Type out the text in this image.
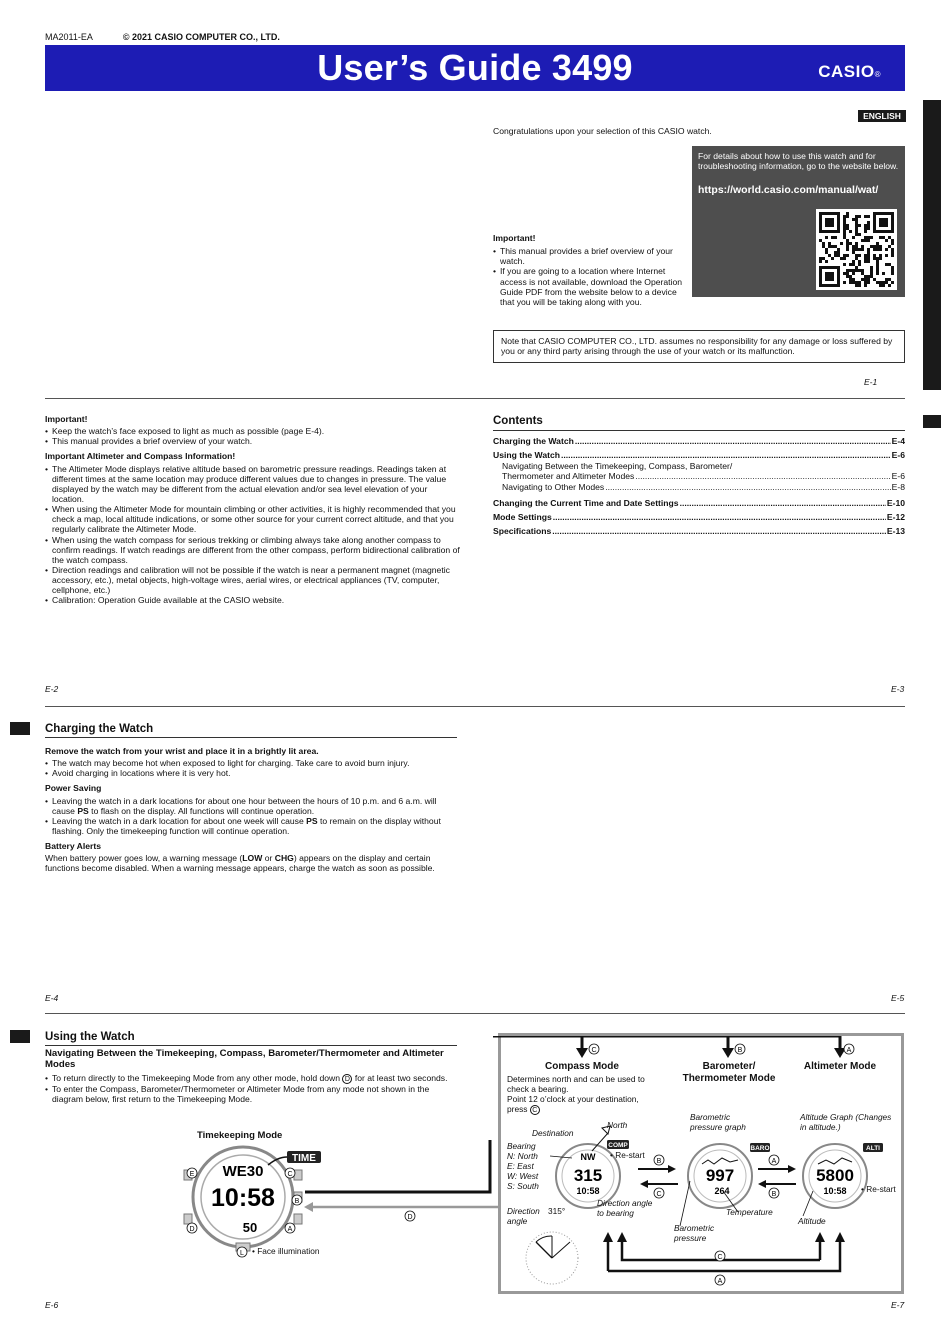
MA2011-EA	© 2021 CASIO COMPUTER CO., LTD.
User’s Guide 3499	CASIO®
ENGLISH
Congratulations upon your selection of this CASIO watch.
For details about how to use this watch and for troubleshooting information, go to the website below.
https://world.casio.com/manual/wat/
Important!
• This manual provides a brief overview of your watch.
• If you are going to a location where Internet access is not available, download the Operation Guide PDF from the website below to a device that you will be taking along with you.
Note that CASIO COMPUTER CO., LTD. assumes no responsibility for any damage or loss suffered by you or any third party arising through the use of your watch or its malfunction.
E-1
Important!
• Keep the watch’s face exposed to light as much as possible (page E-4).
• This manual provides a brief overview of your watch.
Important Altimeter and Compass Information!
• The Altimeter Mode displays relative altitude based on barometric pressure readings. Readings taken at different times at the same location may produce different values due to changes in pressure. The value displayed by the watch may be different from the actual elevation and/or sea level elevation of your location.
• When using the Altimeter Mode for mountain climbing or other activities, it is highly recommended that you check a map, local altitude indications, or some other source for your current correct altitude, and that you regularly calibrate the Altimeter Mode.
• When using the watch compass for serious trekking or climbing always take along another compass to confirm readings. If watch readings are different from the other compass, perform bidirectional calibration of the watch compass.
• Direction readings and calibration will not be possible if the watch is near a permanent magnet (magnetic accessory, etc.), metal objects, high-voltage wires, aerial wires, or electrical appliances (TV, computer, cellphone, etc.)
• Calibration: Operation Guide available at the CASIO website.
E-2
Contents
Charging the Watch .....	E-4
Using the Watch .....	E-6
Navigating Between the Timekeeping, Compass, Barometer/
Thermometer and Altimeter Modes .....	E-6
Navigating to Other Modes .....	E-8
Changing the Current Time and Date Settings .....	E-10
Mode Settings .....	E-12
Specifications .....	E-13
E-3
Charging the Watch
Remove the watch from your wrist and place it in a brightly lit area.
• The watch may become hot when exposed to light for charging. Take care to avoid burn injury.
• Avoid charging in locations where it is very hot.
Power Saving
• Leaving the watch in a dark locations for about one hour between the hours of 10 p.m. and 6 a.m. will cause PS to flash on the display. All functions will continue operation.
• Leaving the watch in a dark location for about one week will cause PS to remain on the display without flashing. Only the timekeeping function will continue operation.
Battery Alerts
When battery power goes low, a warning message (LOW or CHG) appears on the display and certain functions become disabled. When a warning message appears, charge the watch as soon as possible.
E-4	E-5
Using the Watch
Navigating Between the Timekeeping, Compass, Barometer/Thermometer and Altimeter Modes
• To return directly to the Timekeeping Mode from any other mode, hold down D for at least two seconds.
• To enter the Compass, Barometer/Thermometer or Altimeter Mode from any mode not shown in the diagram below, first return to the Timekeeping Mode.
Timekeeping Mode
WE30
10:58
50
TIME
E	C
B
D	A
L
D
• Face illumination
E-6
C	B	A
NW
315
10:58
COMP
997
264
BARO
5800
10:58
ALTI
B
C
A
B
C
A
Compass Mode	Barometer/ Thermometer Mode
Altimeter Mode
Determines north and can be used to check a bearing.
Point 12 o’clock at your destination, press C
Destination
North
• Re-start
Bearing
N: North
E: East
W: West
S: South
Direction angle to bearing
Direction angle
315°
Barometric pressure graph
Temperature
Barometric pressure
Altitude Graph (Changes in altitude.)
Altitude
• Re-start
E-7
